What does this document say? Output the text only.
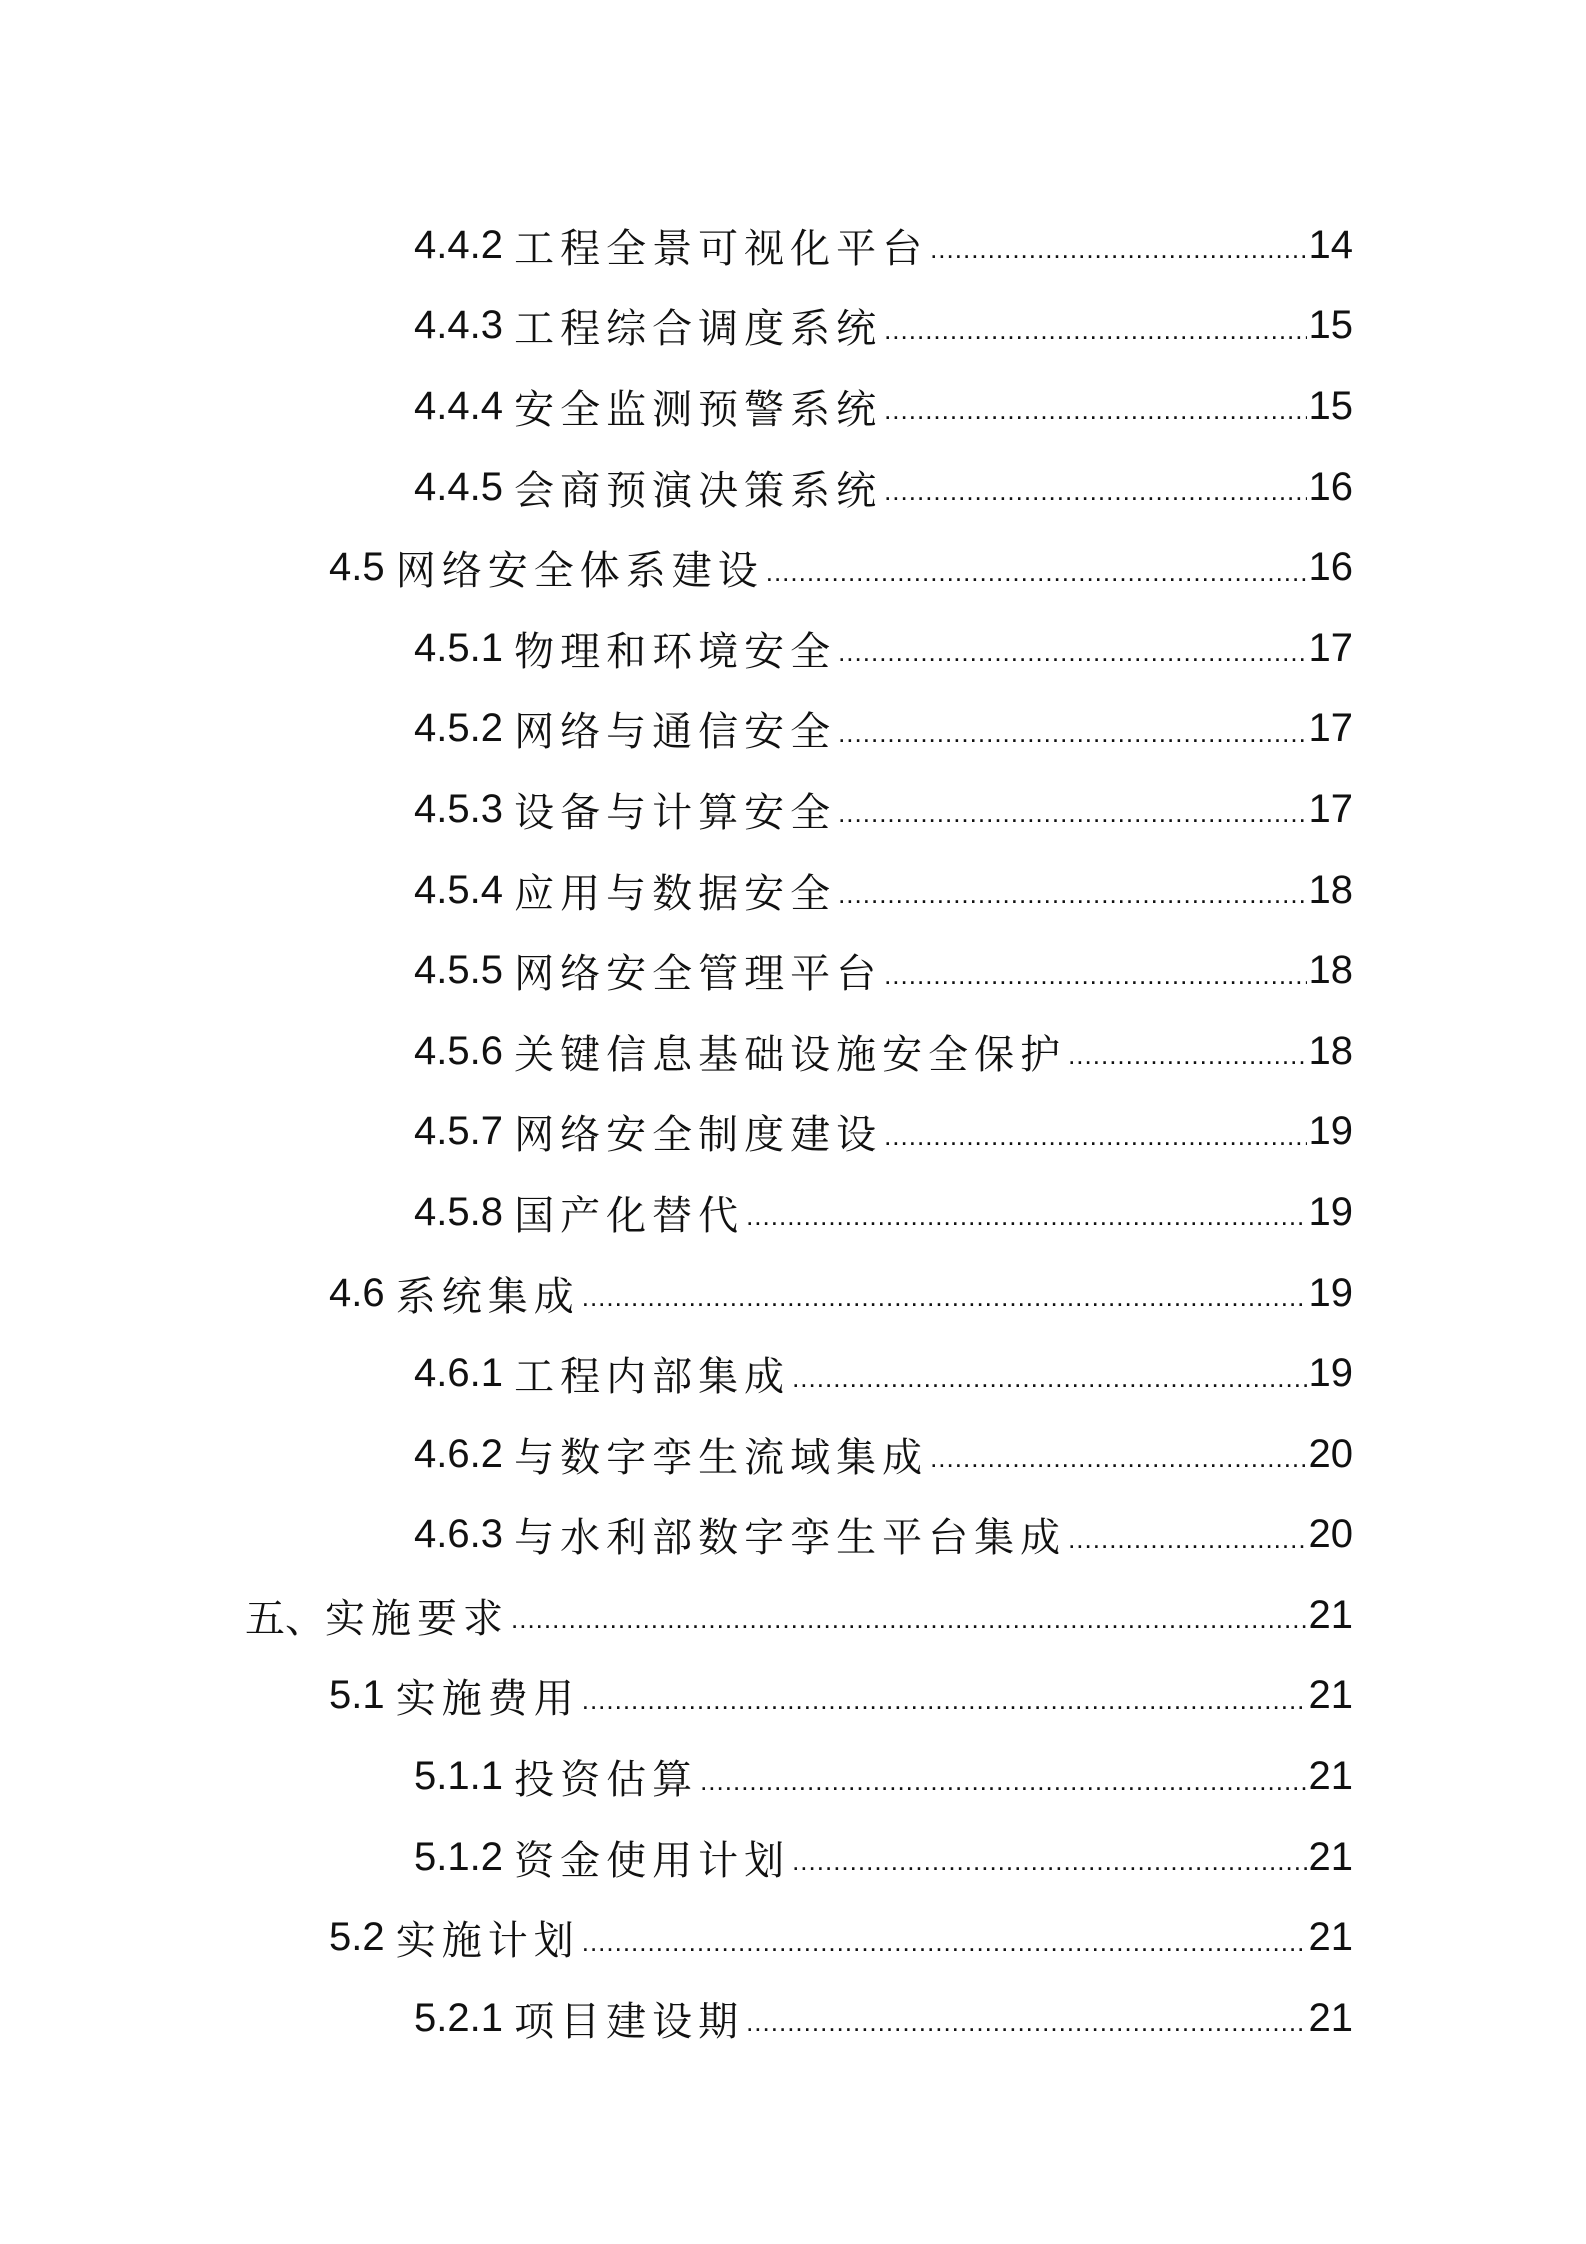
4.4.2 工程全景可视化平台 .....	14
4.4.3 工程综合调度系统 .....	15
4.4.4 安全监测预警系统 .....	15
4.4.5 会商预演决策系统 .....	16
4.5 网络安全体系建设 .....	16
4.5.1 物理和环境安全 .....	17
4.5.2 网络与通信安全 .....	17
4.5.3 设备与计算安全 .....	17
4.5.4 应用与数据安全 .....	18
4.5.5 网络安全管理平台 .....	18
4.5.6 关键信息基础设施安全保护 .....	18
4.5.7 网络安全制度建设 .....	19
4.5.8 国产化替代 .....	19
4.6 系统集成 .....	19
4.6.1 工程内部集成 .....	19
4.6.2 与数字孪生流域集成 .....	20
4.6.3 与水利部数字孪生平台集成 .....	20
五、 实施要求 .....	21
5.1 实施费用 .....	21
5.1.1 投资估算 .....	21
5.1.2 资金使用计划 .....	21
5.2 实施计划 .....	21
5.2.1 项目建设期 .....	21
